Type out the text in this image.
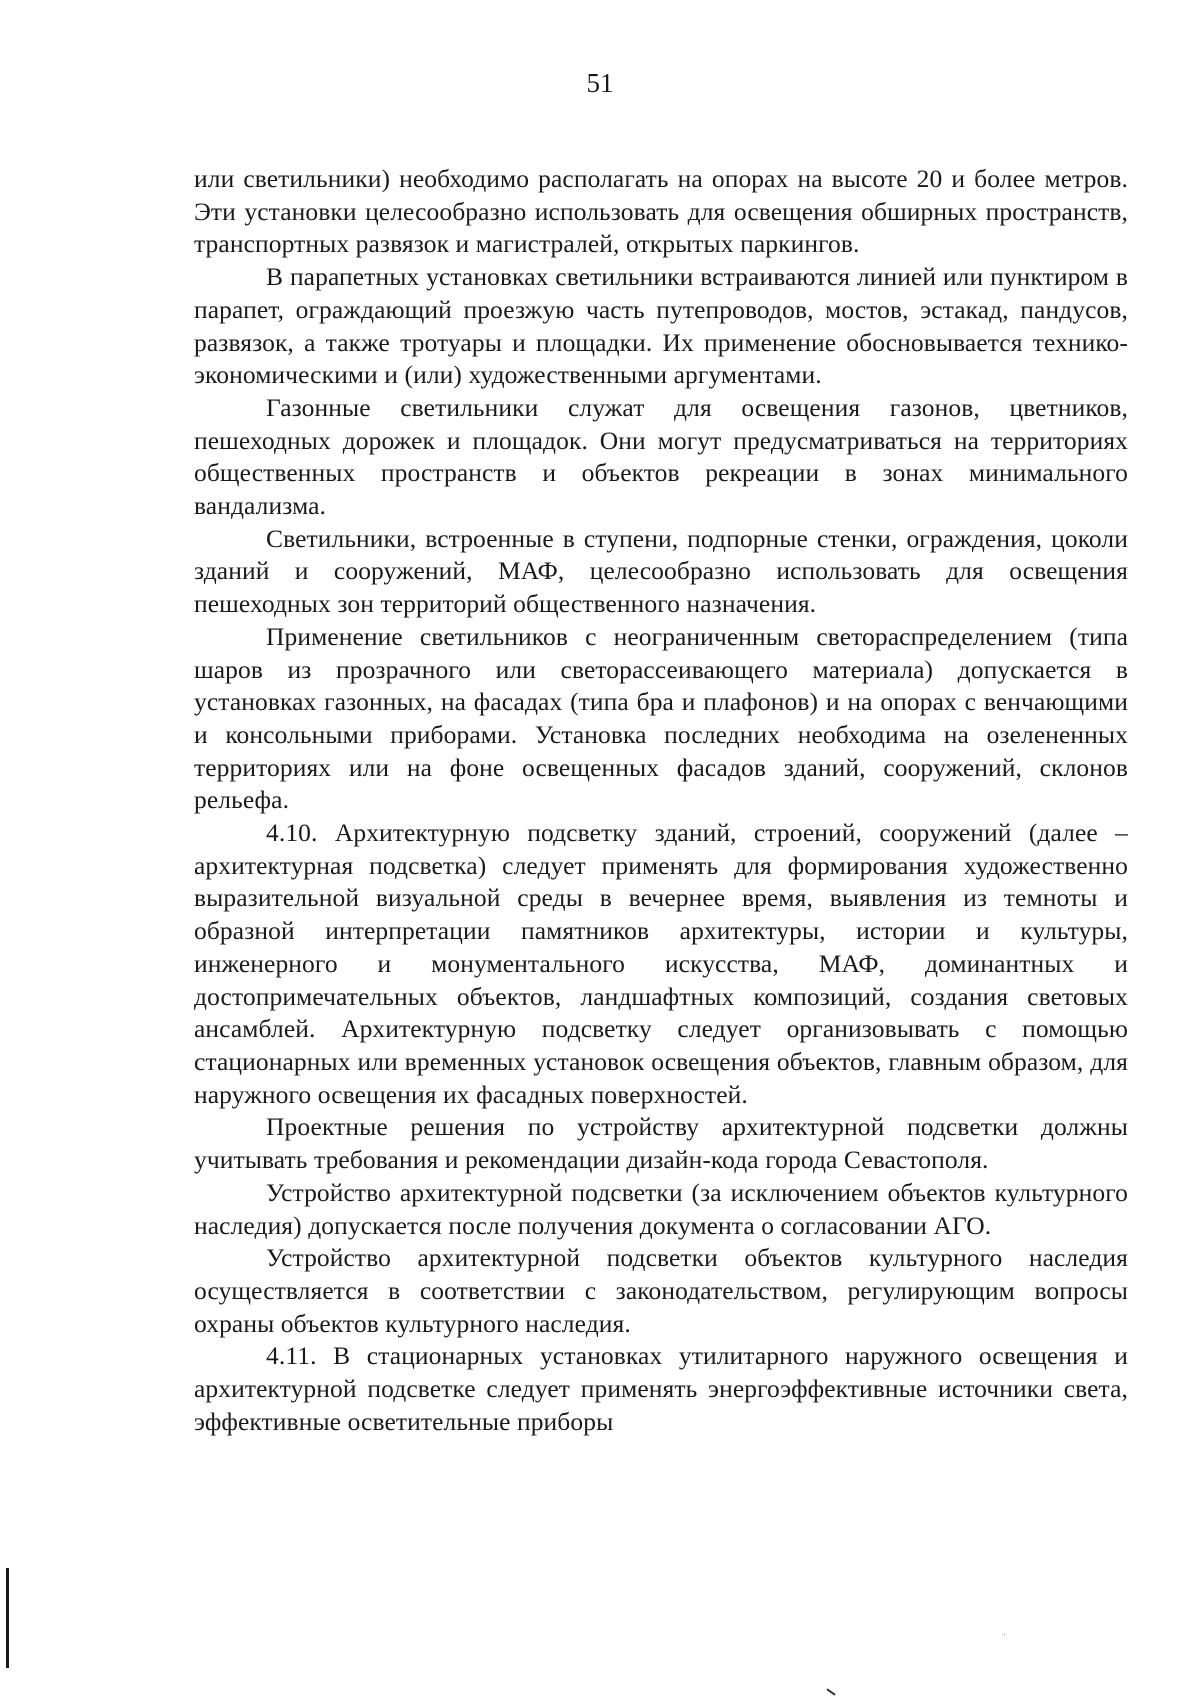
51

или светильники) необходимо располагать на опорах на высоте 20 и более метров. Эти установки целесообразно использовать для освещения обширных пространств, транспортных развязок и магистралей, открытых паркингов.

В парапетных установках светильники встраиваются линией или пунктиром в парапет, ограждающий проезжую часть путепроводов, мостов, эстакад, пандусов, развязок, а также тротуары и площадки. Их применение обосновывается технико-экономическими и (или) художественными аргументами.

Газонные светильники служат для освещения газонов, цветников, пешеходных дорожек и площадок. Они могут предусматриваться на территориях общественных пространств и объектов рекреации в зонах минимального вандализма.

Светильники, встроенные в ступени, подпорные стенки, ограждения, цоколи зданий и сооружений, МАФ, целесообразно использовать для освещения пешеходных зон территорий общественного назначения.

Применение светильников с неограниченным светораспределением (типа шаров из прозрачного или светорассеивающего материала) допускается в установках газонных, на фасадах (типа бра и плафонов) и на опорах с венчающими и консольными приборами. Установка последних необходима на озелененных территориях или на фоне освещенных фасадов зданий, сооружений, склонов рельефа.

4.10. Архитектурную подсветку зданий, строений, сооружений (далее – архитектурная подсветка) следует применять для формирования художественно выразительной визуальной среды в вечернее время, выявления из темноты и образной интерпретации памятников архитектуры, истории и культуры, инженерного и монументального искусства, МАФ, доминантных и достопримечательных объектов, ландшафтных композиций, создания световых ансамблей. Архитектурную подсветку следует организовывать с помощью стационарных или временных установок освещения объектов, главным образом, для наружного освещения их фасадных поверхностей.

Проектные решения по устройству архитектурной подсветки должны учитывать требования и рекомендации дизайн-кода города Севастополя.

Устройство архитектурной подсветки (за исключением объектов культурного наследия) допускается после получения документа о согласовании АГО.

Устройство архитектурной подсветки объектов культурного наследия осуществляется в соответствии с законодательством, регулирующим вопросы охраны объектов культурного наследия.

4.11. В стационарных установках утилитарного наружного освещения и архитектурной подсветке следует применять энергоэффективные источники света, эффективные осветительные приборы
